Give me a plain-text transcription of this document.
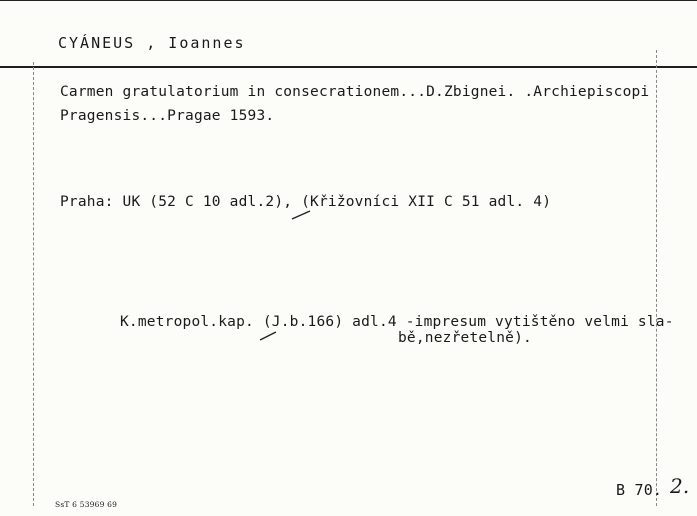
CYÁNEUS , Ioannes
Carmen gratulatorium in consecrationem...D.Zbignei. .Archiepiscopi
Pragensis...Pragae 1593.
Praha: UK (52 C 10 adl.2), (Křižovníci XII C 51 adl. 4)
K.metropol.kap. (J.b.166) adl.4 -impresum vytištěno velmi sla-
bě,nezřetelně).
B 70. 2.
SsT 6 53969 69
